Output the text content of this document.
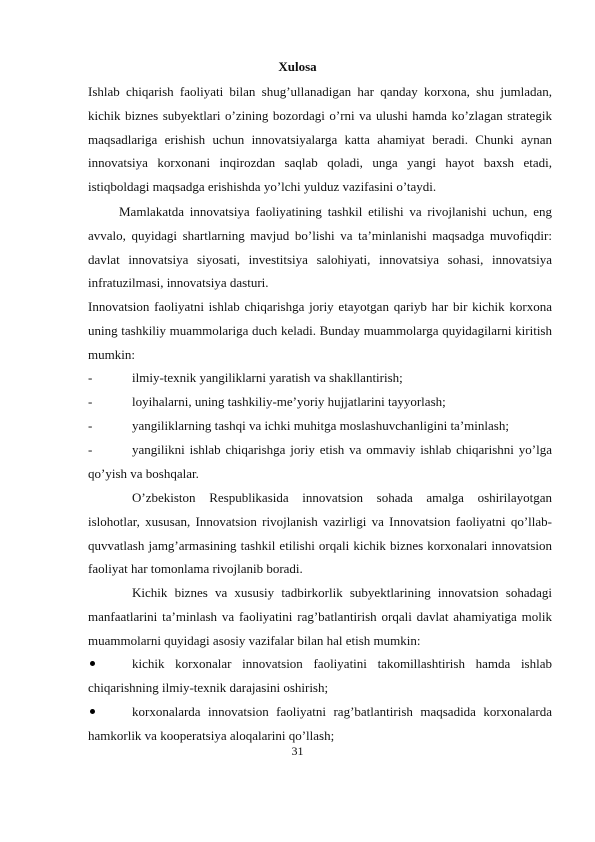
Xulosa
Ishlab chiqarish faoliyati bilan shug’ullanadigan har qanday korxona, shu jumladan, kichik biznes subyektlari o’zining bozordagi o’rni va ulushi hamda ko’zlagan strategik maqsadlariga erishish uchun innovatsiyalarga katta ahamiyat beradi. Chunki aynan innovatsiya korxonani inqirozdan saqlab qoladi, unga yangi hayot baxsh etadi, istiqboldagi maqsadga erishishda yo’lchi yulduz vazifasini o’taydi.
Mamlakatda innovatsiya faoliyatining tashkil etilishi va rivojlanishi uchun, eng avvalo, quyidagi shartlarning mavjud bo’lishi va ta’minlanishi maqsadga muvofiqdir: davlat innovatsiya siyosati, investitsiya salohiyati, innovatsiya sohasi, innovatsiya infratuzilmasi, innovatsiya dasturi.
Innovatsion faoliyatni ishlab chiqarishga joriy etayotgan qariyb har bir kichik korxona uning tashkiliy muammolariga duch keladi. Bunday muammolarga quyidagilarni kiritish mumkin:
-	ilmiy-texnik yangiliklarni yaratish va shakllantirish;
-	loyihalarni, uning tashkiliy-me’yoriy hujjatlarini tayyorlash;
-	yangiliklarning tashqi va ichki muhitga moslashuvchanligini ta’minlash;
-	yangilikni ishlab chiqarishga joriy etish va ommaviy ishlab chiqarishni yo’lga qo’yish va boshqalar.
O’zbekiston Respublikasida innovatsion sohada amalga oshirilayotgan islohotlar, xususan, Innovatsion rivojlanish vazirligi va Innovatsion faoliyatni qo’llab-quvvatlash jamg’armasining tashkil etilishi orqali kichik biznes korxonalari innovatsion faoliyat har tomonlama rivojlanib boradi.
Kichik biznes va xususiy tadbirkorlik subyektlarining innovatsion sohadagi manfaatlarini ta’minlash va faoliyatini rag’batlantirish orqali davlat ahamiyatiga molik muammolarni quyidagi asosiy vazifalar bilan hal etish mumkin:
kichik korxonalar innovatsion faoliyatini takomillashtirish hamda ishlab chiqarishning ilmiy-texnik darajasini oshirish;
korxonalarda innovatsion faoliyatni rag’batlantirish maqsadida korxonalarda hamkorlik va kooperatsiya aloqalarini qo’llash;
31
